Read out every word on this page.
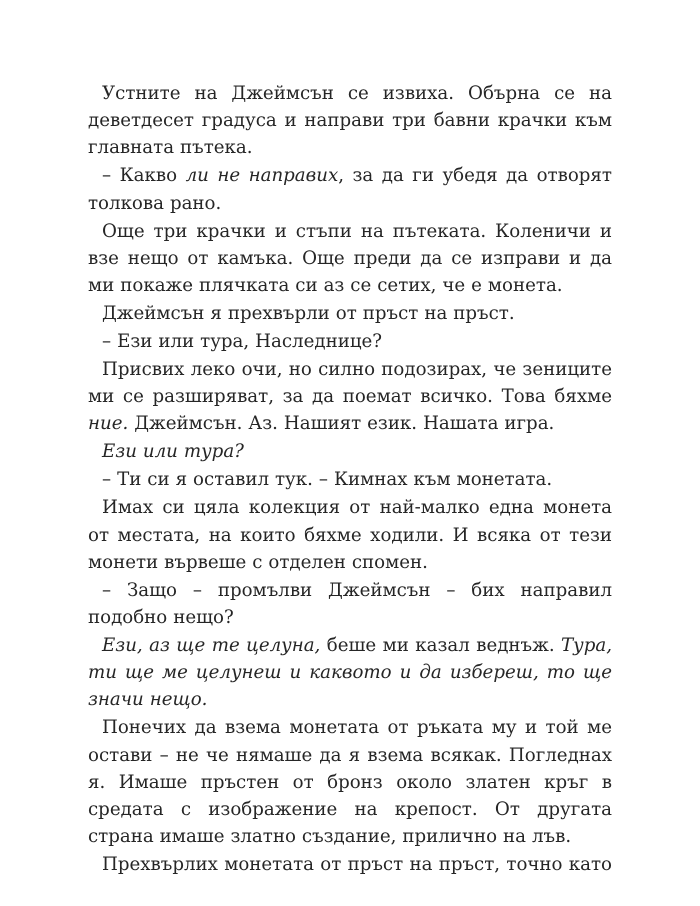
Устните на Джеймсън се извиха. Обърна се на деветдесет градуса и направи три бавни крачки към главната пътека.

– Какво ли не направих, за да ги убедя да отворят толкова рано.

Още три крачки и стъпи на пътеката. Коленичи и взе нещо от камъка. Още преди да се изправи и да ми покаже плячката си аз се сетих, че е монета.

Джеймсън я прехвърли от пръст на пръст.

– Ези или тура, Наследнице?

Присвих леко очи, но силно подозирах, че зениците ми се разширяват, за да поемат всичко. Това бяхме ние. Джеймсън. Аз. Нашият език. Нашата игра.

Ези или тура?

– Ти си я оставил тук. – Кимнах към монетата.

Имах си цяла колекция от най-малко една монета от местата, на които бяхме ходили. И всяка от тези монети вървеше с отделен спомен.

– Защо – промълви Джеймсън – бих направил подобно нещо?

Ези, аз ще те целуна, беше ми казал веднъж. Тура, ти ще ме целунеш и каквото и да избереш, то ще значи нещо.

Понечих да взема монетата от ръката му и той ме остави – не че нямаше да я взема всякак. Погледнах я. Имаше пръстен от бронз около златен кръг в средата с изображение на крепост. От другата страна имаше златно създание, прилично на лъв.

Прехвърлих монетата от пръст на пръст, точно като
